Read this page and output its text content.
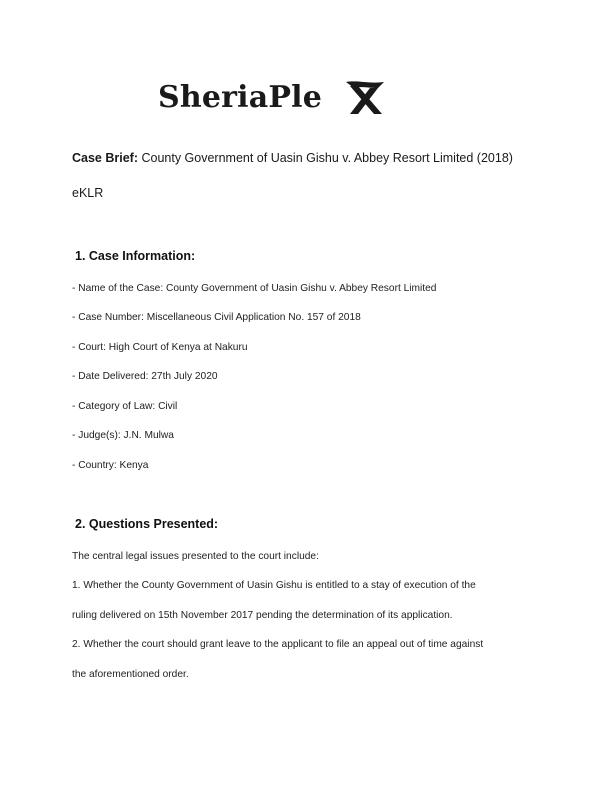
SheriaPle
Case Brief: County Government of Uasin Gishu v. Abbey Resort Limited (2018)
eKLR
1. Case Information:
- Name of the Case: County Government of Uasin Gishu v. Abbey Resort Limited
- Case Number: Miscellaneous Civil Application No. 157 of 2018
- Court: High Court of Kenya at Nakuru
- Date Delivered: 27th July 2020
- Category of Law: Civil
- Judge(s): J.N. Mulwa
- Country: Kenya
2. Questions Presented:
The central legal issues presented to the court include:
1. Whether the County Government of Uasin Gishu is entitled to a stay of execution of the
ruling delivered on 15th November 2017 pending the determination of its application.
2. Whether the court should grant leave to the applicant to file an appeal out of time against
the aforementioned order.
